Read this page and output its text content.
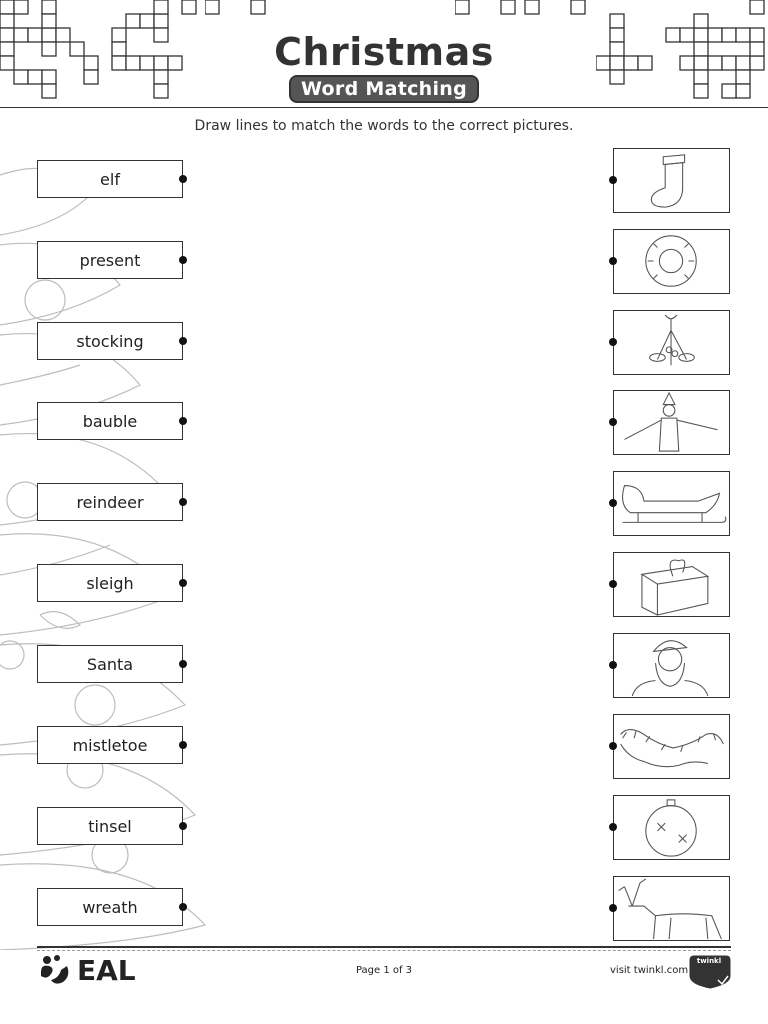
Christmas
Word Matching
Draw lines to match the words to the correct pictures.
elf
present
stocking
bauble
reindeer
sleigh
Santa
mistletoe
tinsel
wreath
EAL	Page 1 of 3	visit twinkl.com
twinkl
